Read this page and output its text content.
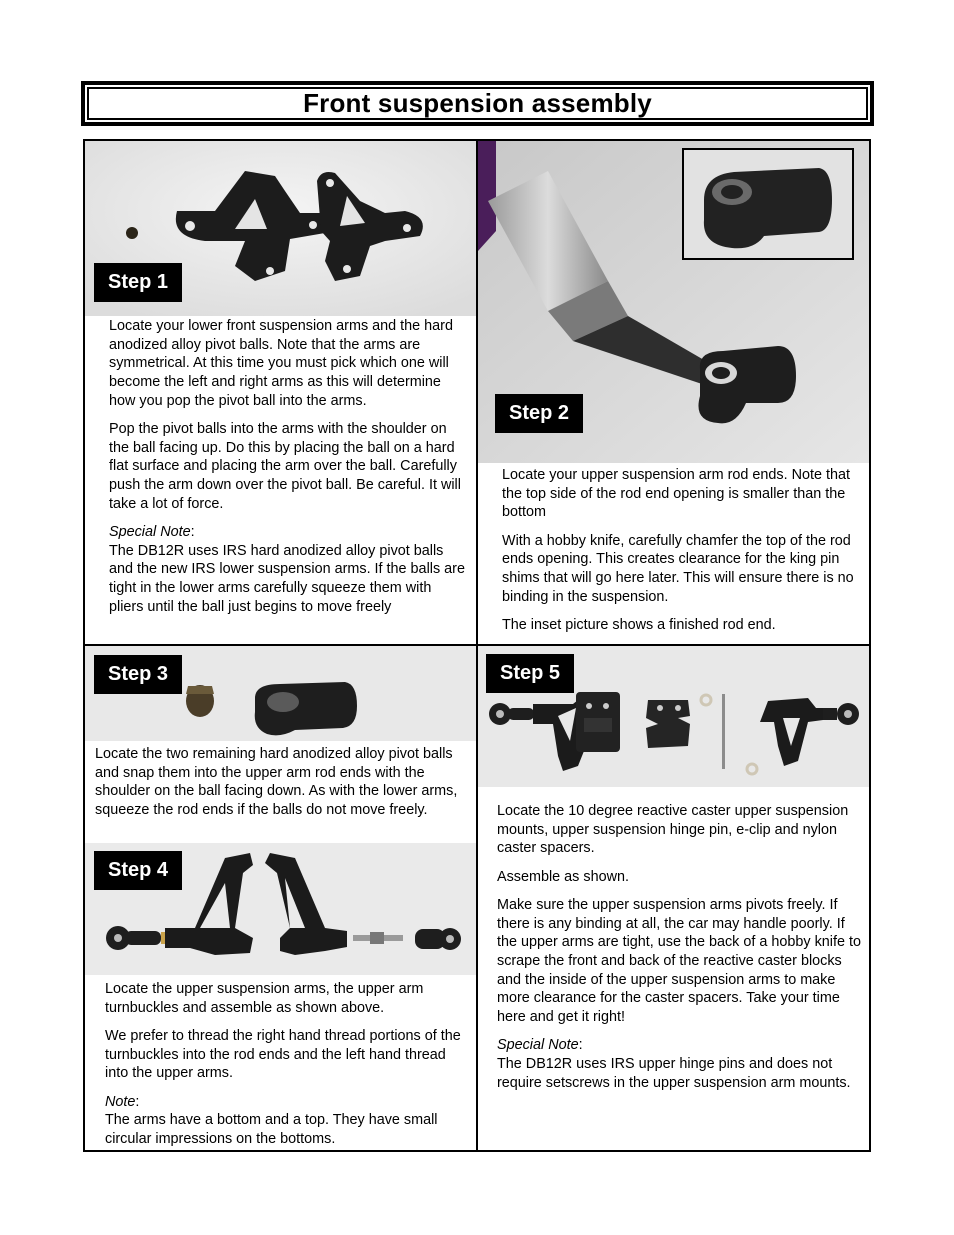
Front suspension assembly
Step 1

Locate your lower front suspension arms and the hard anodized alloy pivot balls. Note that the arms are symmetrical. At this time you must pick which one will become the left and right arms as this will determine how you pop the pivot ball into the arms.

Pop the pivot balls into the arms with the shoulder on the ball facing up. Do this by placing the ball on a hard flat surface and placing the arm over the ball. Carefully push the arm down over the pivot ball. Be careful. It will take a lot of force.

Special Note:
The DB12R uses IRS hard anodized alloy pivot balls and the new IRS lower suspension arms. If the balls are tight in the lower arms carefully squeeze them with pliers until the ball just begins to move freely

Step 2

Locate your upper suspension arm rod ends. Note that the top side of the rod end opening is smaller than the bottom

With a hobby knife, carefully chamfer the top of the rod ends opening. This creates clearance for the king pin shims that will go here later. This will ensure there is no binding in the suspension.

The inset picture shows a finished rod end.

Step 3

Locate the two remaining hard anodized alloy pivot balls and snap them into the upper arm rod ends with the shoulder on the ball facing down. As with the lower arms, squeeze the rod ends if the balls do not move freely.

Step 4

Locate the upper suspension arms, the upper arm turnbuckles and assemble as shown above.

We prefer to thread the right hand thread portions of the turnbuckles into the rod ends and the left hand thread into the upper arms.

Note:
The arms have a bottom and a top. They have small circular impressions on the bottoms.

Step 5

Locate the 10 degree reactive caster upper suspension mounts, upper suspension hinge pin, e-clip and nylon caster spacers.

Assemble as shown.

Make sure the upper suspension arms pivots freely. If there is any binding at all, the car may handle poorly. If the upper arms are tight, use the back of a hobby knife to scrape the front and back of the reactive caster blocks and the inside of the upper suspension arms to make more clearance for the caster spacers. Take your time here and get it right!

Special Note:
The DB12R uses IRS upper hinge pins and does not require setscrews in the upper suspension arm mounts.
